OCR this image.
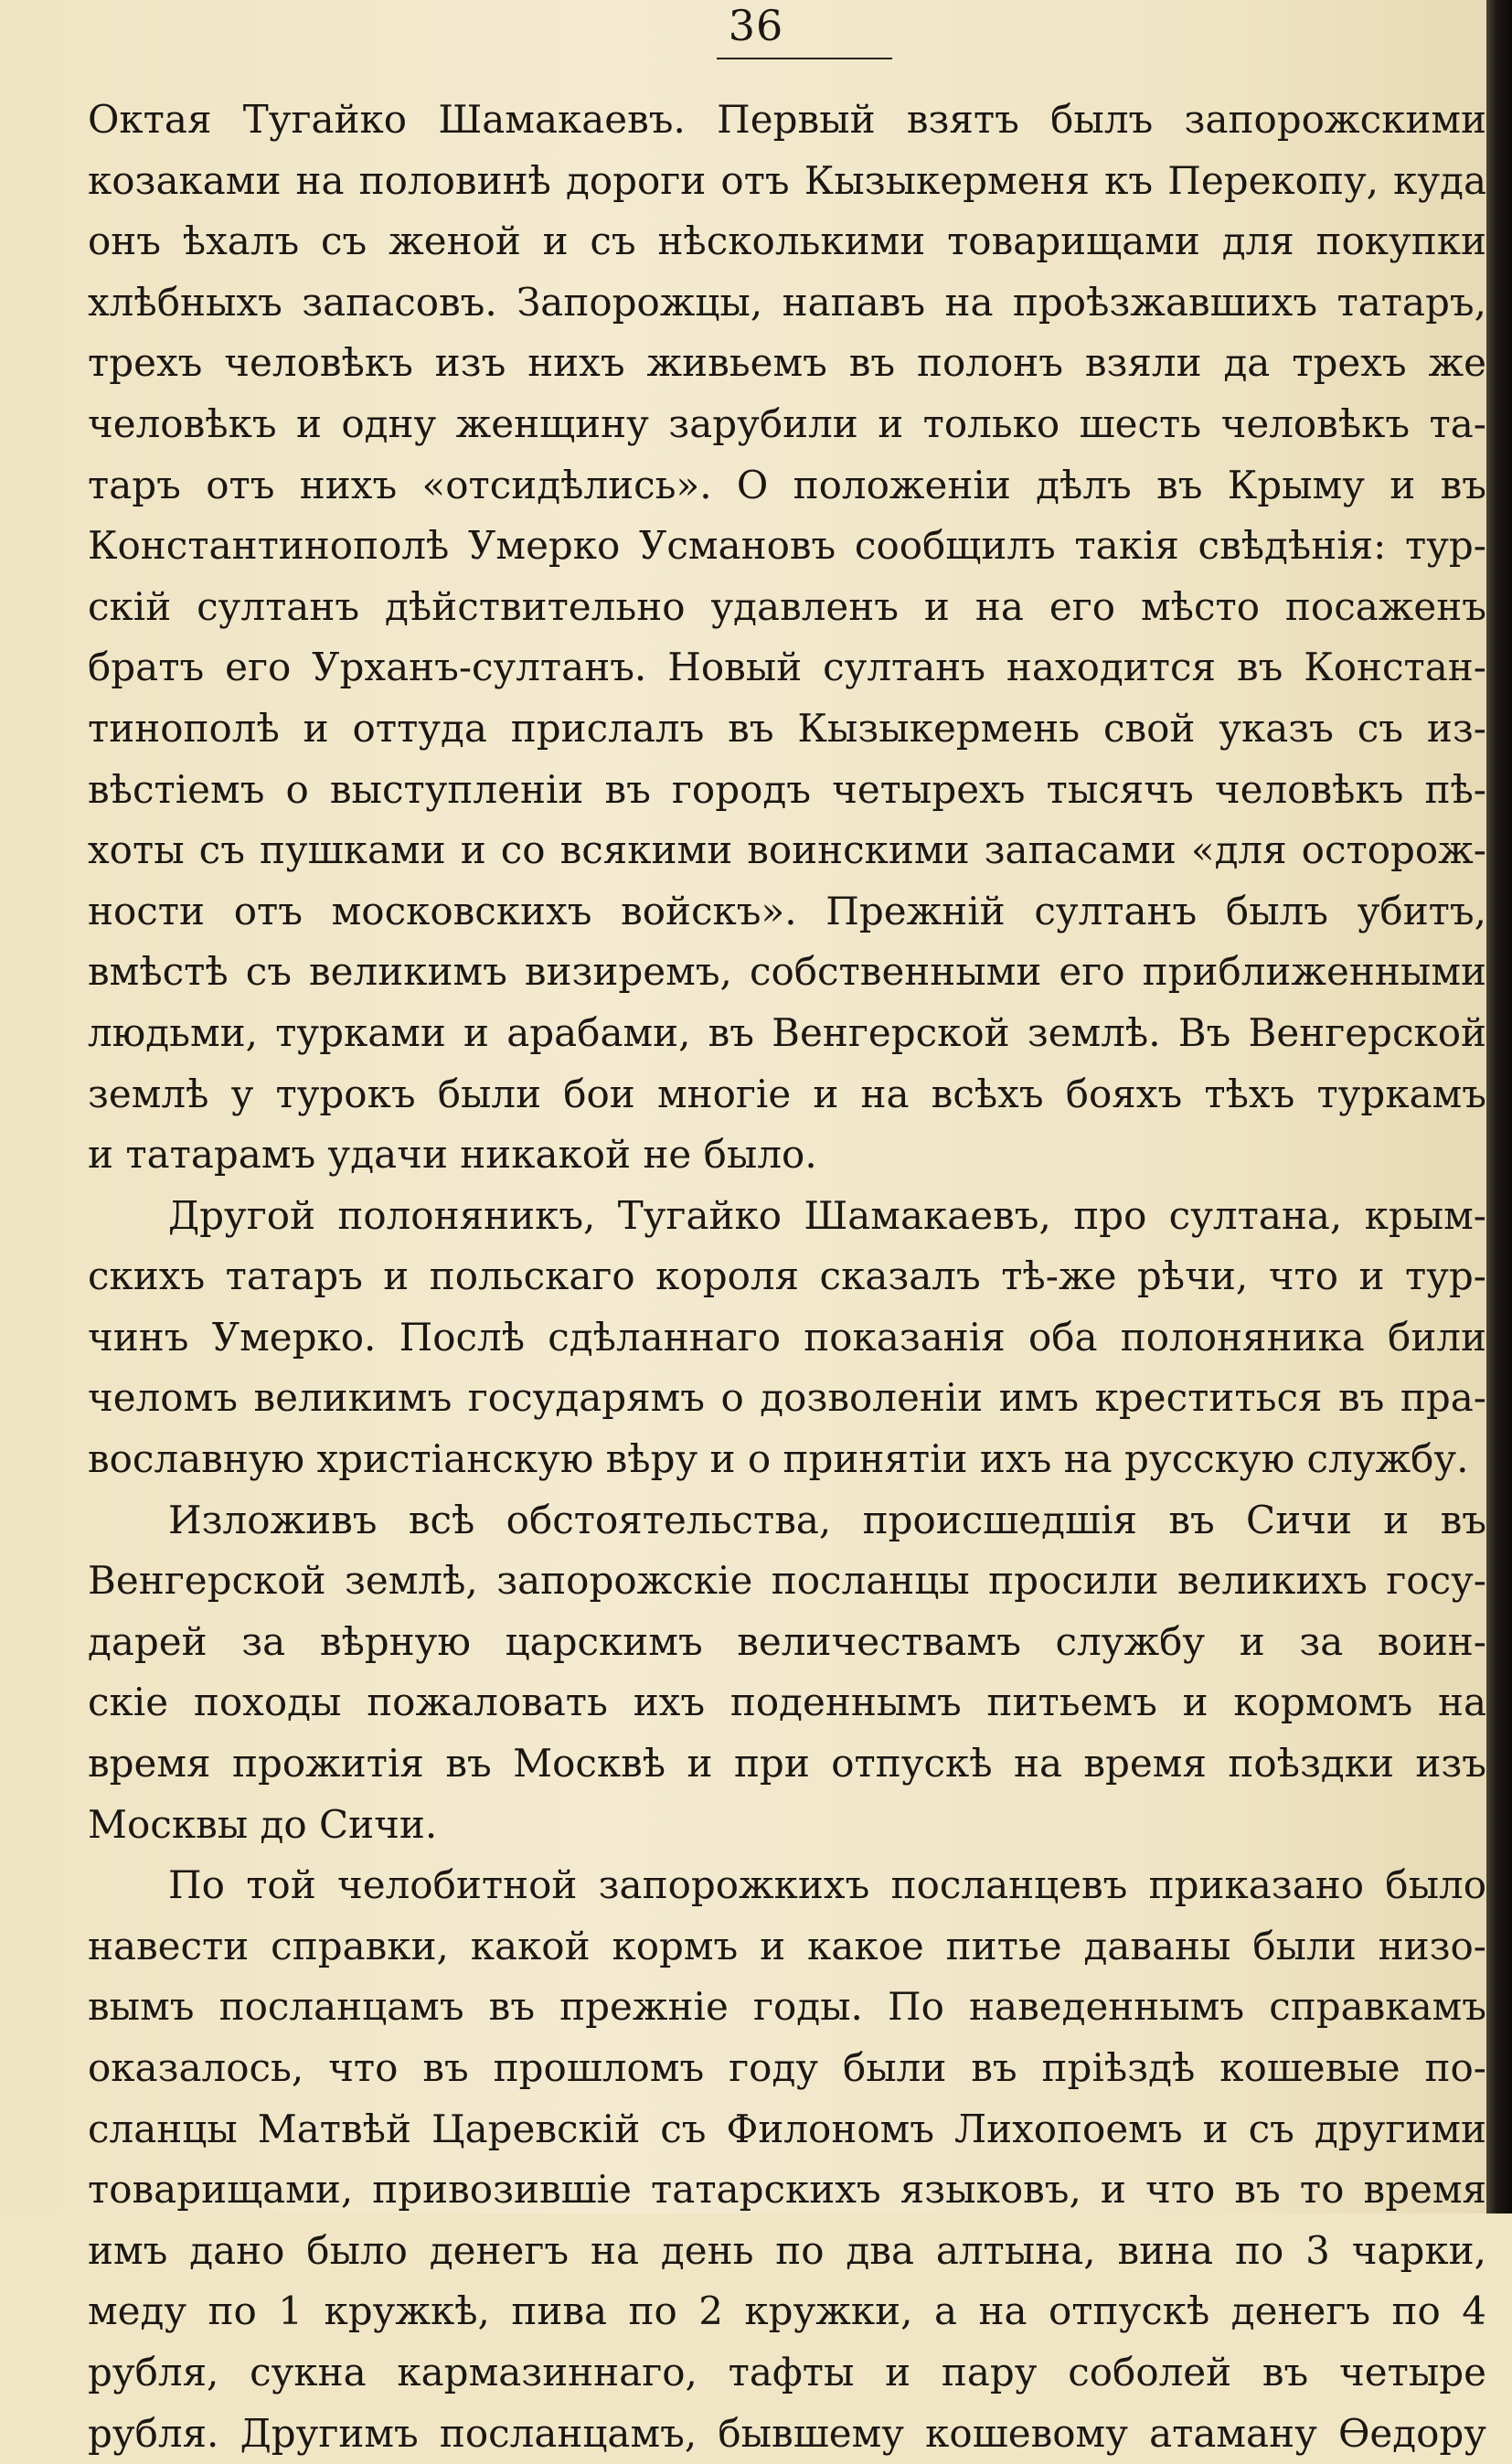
36
Октая Тугайко Шамакаевъ. Первый взятъ былъ запорожскими
козаками на половинѣ дороги отъ Кызыкерменя къ Перекопу, куда
онъ ѣхалъ съ женой и съ нѣсколькими товарищами для покупки
хлѣбныхъ запасовъ. Запорожцы, напавъ на проѣзжавшихъ татаръ,
трехъ человѣкъ изъ нихъ живьемъ въ полонъ взяли да трехъ же
человѣкъ и одну женщину зарубили и только шесть человѣкъ та-
таръ отъ нихъ «отсидѣлись». О положеніи дѣлъ въ Крыму и въ
Константинополѣ Умерко Усмановъ сообщилъ такія свѣдѣнія: тур-
скій султанъ дѣйствительно удавленъ и на его мѣсто посаженъ
братъ его Урханъ-султанъ. Новый султанъ находится въ Констан-
тинополѣ и оттуда прислалъ въ Кызыкермень свой указъ съ из-
вѣстіемъ о выступленіи въ городъ четырехъ тысячъ человѣкъ пѣ-
хоты съ пушками и со всякими воинскими запасами «для осторож-
ности отъ московскихъ войскъ». Прежній султанъ былъ убитъ,
вмѣстѣ съ великимъ визиремъ, собственными его приближенными
людьми, турками и арабами, въ Венгерской землѣ. Въ Венгерской
землѣ у турокъ были бои многіе и на всѣхъ бояхъ тѣхъ туркамъ
и татарамъ удачи никакой не было.
Другой полоняникъ, Тугайко Шамакаевъ, про султана, крым-
скихъ татаръ и польскаго короля сказалъ тѣ-же рѣчи, что и тур-
чинъ Умерко. Послѣ сдѣланнаго показанія оба полоняника били
челомъ великимъ государямъ о дозволеніи имъ креститься въ пра-
вославную христіанскую вѣру и о принятіи ихъ на русскую службу.
Изложивъ всѣ обстоятельства, происшедшія въ Сичи и въ
Венгерской землѣ, запорожскіе посланцы просили великихъ госу-
дарей за вѣрную царскимъ величествамъ службу и за воин-
скіе походы пожаловать ихъ поденнымъ питьемъ и кормомъ на
время прожитія въ Москвѣ и при отпускѣ на время поѣздки изъ
Москвы до Сичи.
По той челобитной запорожкихъ посланцевъ приказано было
навести справки, какой кормъ и какое питье даваны были низо-
вымъ посланцамъ въ прежніе годы. По наведеннымъ справкамъ
оказалось, что въ прошломъ году были въ пріѣздѣ кошевые по-
сланцы Матвѣй Царевскій съ Филономъ Лихопоемъ и съ другими
товарищами, привозившіе татарскихъ языковъ, и что въ то время
имъ дано было денегъ на день по два алтына, вина по 3 чарки,
меду по 1 кружкѣ, пива по 2 кружки, а на отпускѣ денегъ по 4
рубля, сукна кармазиннаго, тафты и пару соболей въ четыре
рубля. Другимъ посланцамъ, бывшему кошевому атаману Ѳедору
